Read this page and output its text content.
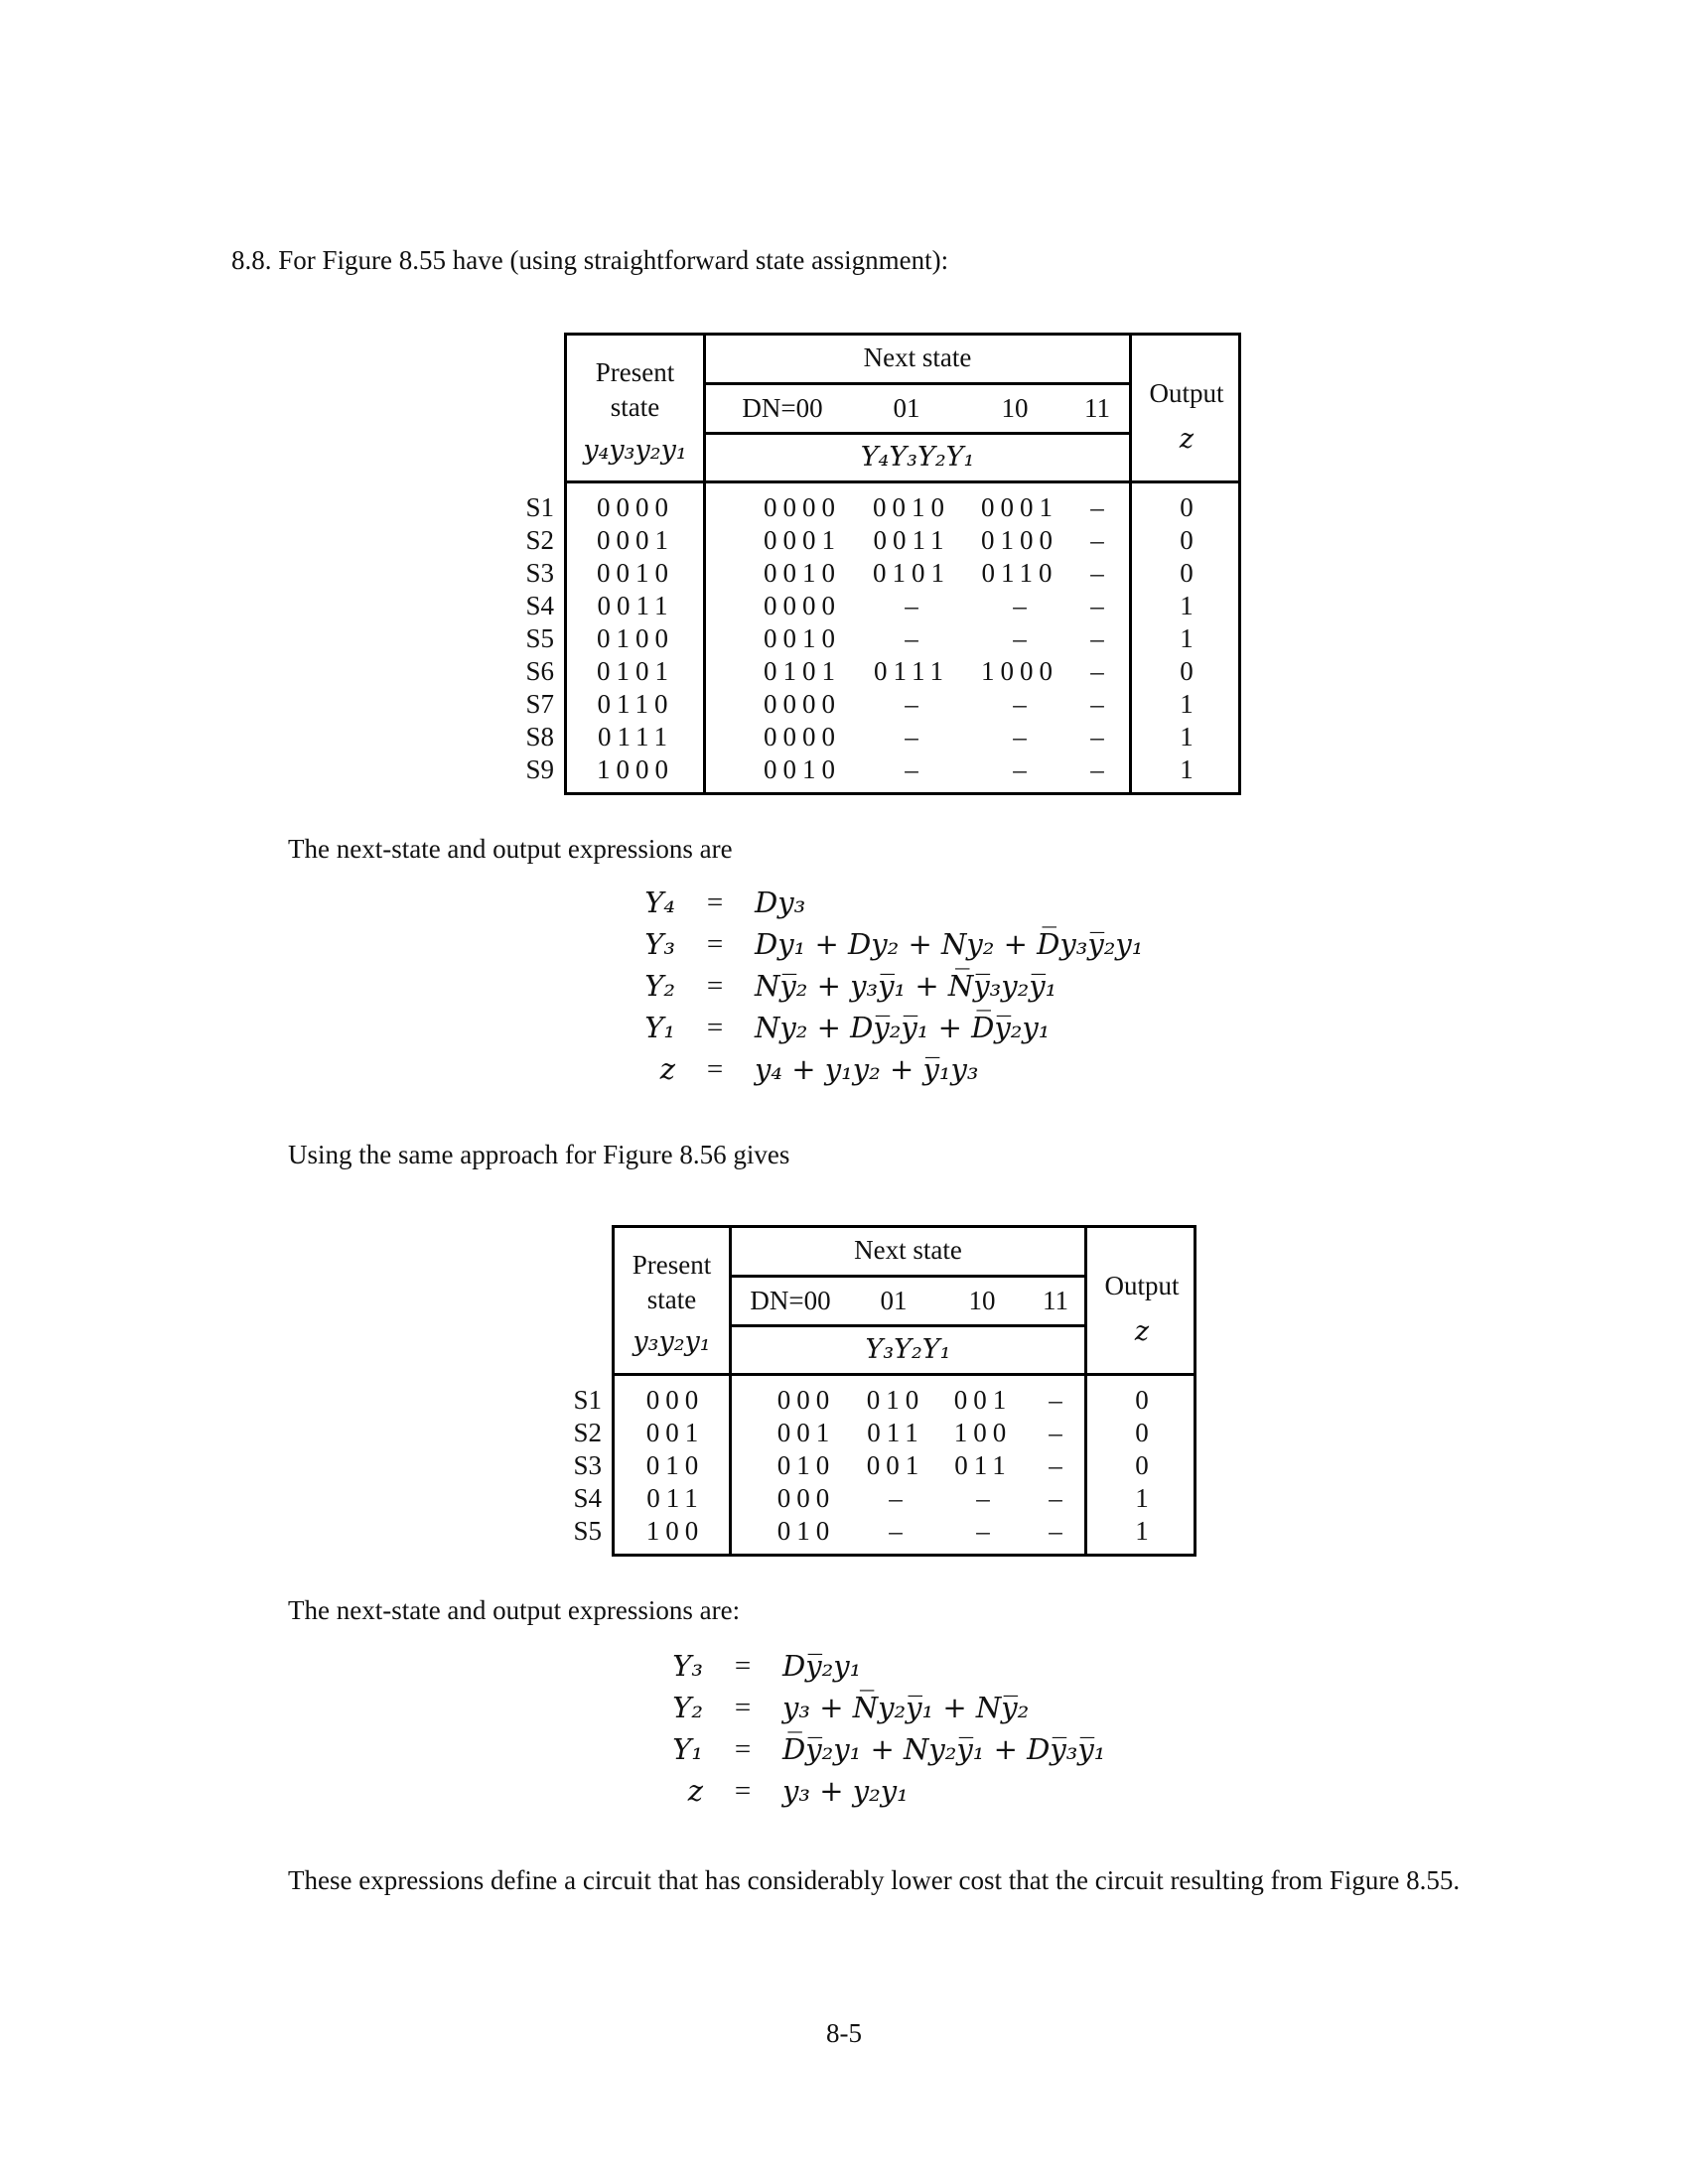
8.8. For Figure 8.55 have (using straightforward state assignment):
Present
state
y₄y₃y₂y₁
Next state
DN=00	01	10	11
Y₄Y₃Y₂Y₁
Output
z
S1	0000	0000	0010	0001	–	0
S2	0001	0001	0011	0100	–	0
S3	0010	0010	0101	0110	–	0
S4	0011	0000	–	–	–	1
S5	0100	0010	–	–	–	1
S6	0101	0101	0111	1000	–	0
S7	0110	0000	–	–	–	1
S8	0111	0000	–	–	–	1
S9	1000	0010	–	–	–	1
The next-state and output expressions are
Y₄	=	Dy₃
Y₃	=	Dy₁ + Dy₂ + Ny₂ + D̅y₃y̅₂y₁
Y₂	=	Ny̅₂ + y₃y̅₁ + N̅y̅₃y₂y̅₁
Y₁	=	Ny₂ + Dy̅₂y̅₁ + D̅y̅₂y₁
z	=	y₄ + y₁y₂ + y̅₁y₃
Using the same approach for Figure 8.56 gives
Present
state
y₃y₂y₁
Next state
DN=00	01	10	11
Y₃Y₂Y₁
Output
z
S1	000	000	010	001	–	0
S2	001	001	011	100	–	0
S3	010	010	001	011	–	0
S4	011	000	–	–	–	1
S5	100	010	–	–	–	1
The next-state and output expressions are:
Y₃	=	Dy̅₂y₁
Y₂	=	y₃ + N̅y₂y̅₁ + Ny̅₂
Y₁	=	D̅y̅₂y₁ + Ny₂y̅₁ + Dy̅₃y̅₁
z	=	y₃ + y₂y₁
These expressions define a circuit that has considerably lower cost that the circuit resulting from Figure 8.55.
8-5
